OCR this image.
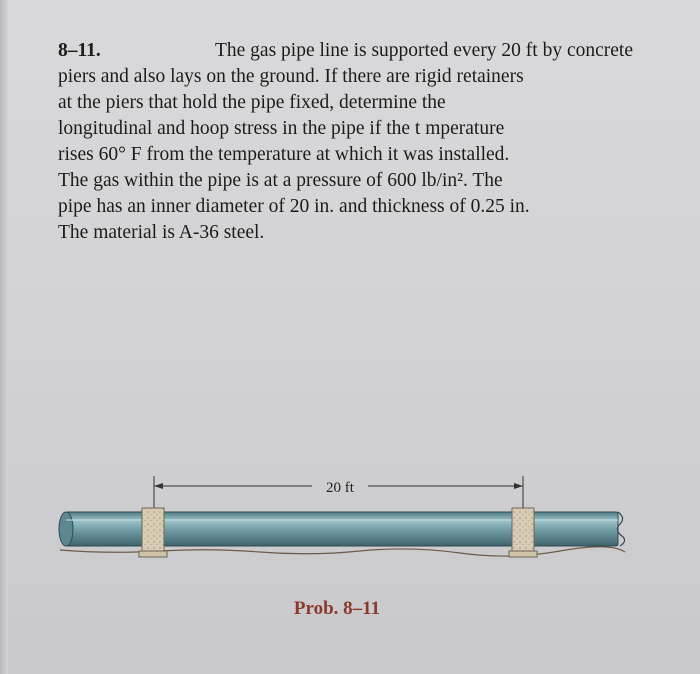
8–11.	The gas pipe line is supported every 20 ft by concrete
piers and also lays on the ground. If there are rigid retainers
at the piers that hold the pipe fixed, determine the
longitudinal and hoop stress in the pipe if the t mperature
rises 60° F from the temperature at which it was installed.
The gas within the pipe is at a pressure of 600 lb/in². The
pipe has an inner diameter of 20 in. and thickness of 0.25 in.
The material is A-36 steel.
20 ft
Prob. 8–11
